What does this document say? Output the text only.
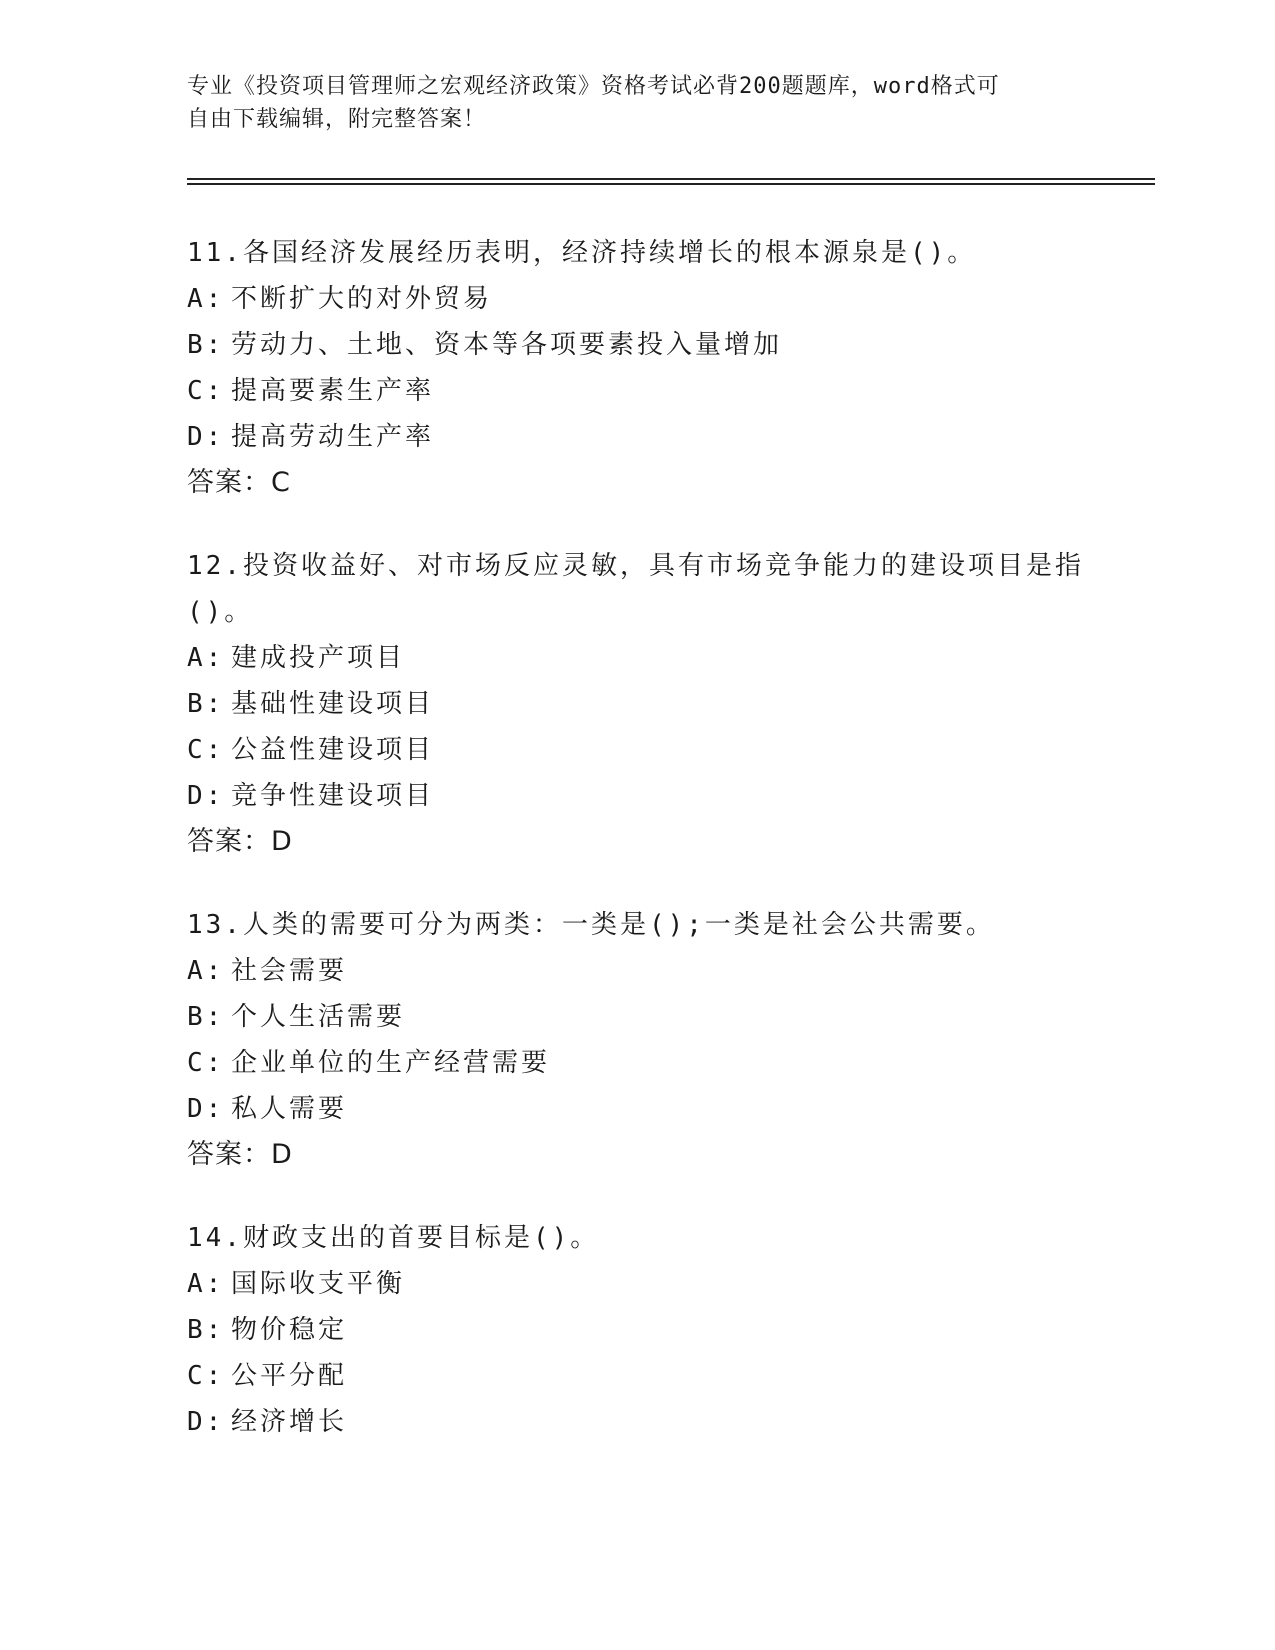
专业《投资项目管理师之宏观经济政策》资格考试必背200题题库，word格式可
自由下载编辑，附完整答案！

11.各国经济发展经历表明，经济持续增长的根本源泉是()。

A: 不断扩大的对外贸易

B: 劳动力、土地、资本等各项要素投入量增加

C: 提高要素生产率

D: 提高劳动生产率

答案：C

12.投资收益好、对市场反应灵敏，具有市场竞争能力的建设项目是指()。

A: 建成投产项目

B: 基础性建设项目

C: 公益性建设项目

D: 竞争性建设项目

答案：D

13.人类的需要可分为两类：一类是();一类是社会公共需要。

A: 社会需要

B: 个人生活需要

C: 企业单位的生产经营需要

D: 私人需要

答案：D

14.财政支出的首要目标是()。

A: 国际收支平衡

B: 物价稳定

C: 公平分配

D: 经济增长
